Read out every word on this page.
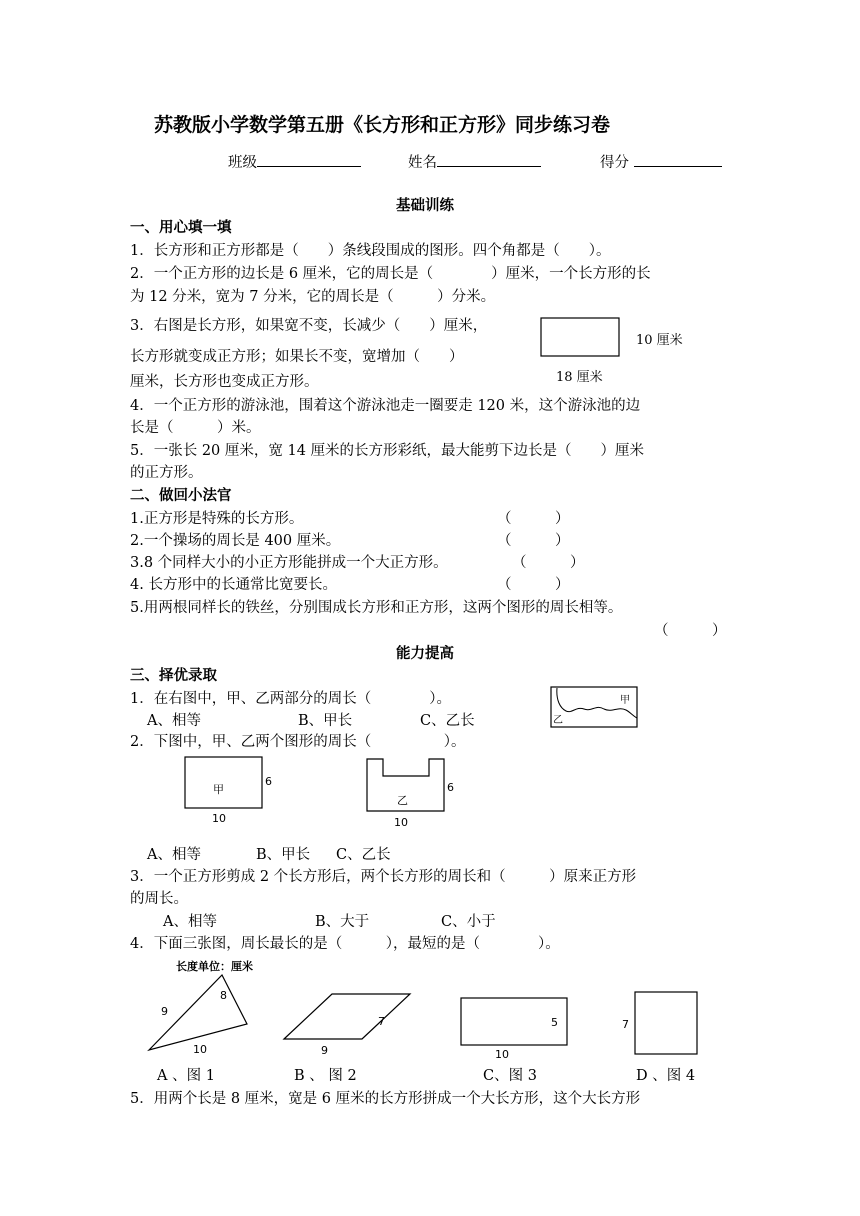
苏教版小学数学第五册《长方形和正方形》同步练习卷
班级	姓名	得分
基础训练
一、用心填一填
1．长方形和正方形都是（　　）条线段围成的图形。四个角都是（　　）。
2．一个正方形的边长是 6 厘米，它的周长是（　　　　）厘米，一个长方形的长
为 12 分米，宽为 7 分米，它的周长是（　　　）分米。
3．右图是长方形，如果宽不变，长减少（　　）厘米，
长方形就变成正方形；如果长不变，宽增加（　　）
厘米，长方形也变成正方形。
10 厘米
18 厘米
4．一个正方形的游泳池，围着这个游泳池走一圈要走 120 米，这个游泳池的边
长是（　　　）米。
5．一张长 20 厘米，宽 14 厘米的长方形彩纸，最大能剪下边长是（　　）厘米
的正方形。
二、做回小法官
1.正方形是特殊的长方形。	（　　　）
2.一个操场的周长是 400 厘米。	（　　　）
3.8 个同样大小的小正方形能拼成一个大正方形。	（　　　）
4. 长方形中的长通常比宽要长。	（　　　）
5.用两根同样长的铁丝，分别围成长方形和正方形，这两个图形的周长相等。
（　　　）
能力提高
三、择优录取
1．在右图中，甲、乙两部分的周长（　　　　）。
A、相等	B、甲长	C、乙长
甲
乙
2．下图中，甲、乙两个图形的周长（　　　　　）。
甲
6
10
乙
6
10
A、相等	B、甲长 C、乙长
3．一个正方形剪成 2 个长方形后，两个长方形的周长和（　　　）原来正方形
的周长。
A、相等	B、大于	C、小于
4．下面三张图，周长最长的是（　　　），最短的是（　　　　）。
长度单位：厘米
9
8
10
7
9
5
10
7
A 、图 1	B 、 图 2	C、图 3	D 、图 4
5．用两个长是 8 厘米，宽是 6 厘米的长方形拼成一个大长方形，这个大长方形
